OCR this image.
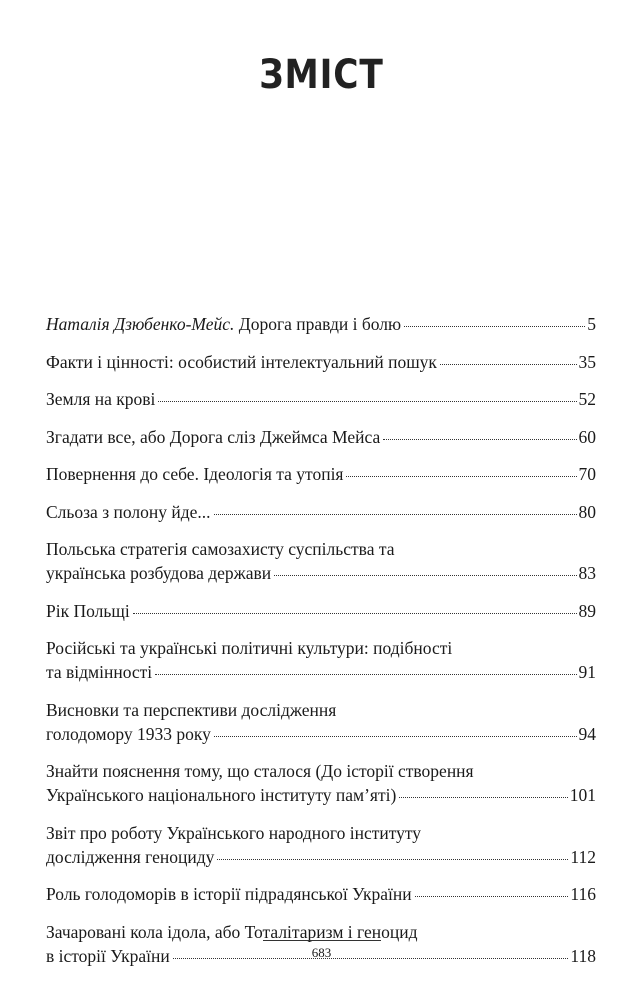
ЗМІСТ
Наталія Дзюбенко-Мейс. Дорога правди і болю	5
Факти і цінності: особистий інтелектуальний пошук	35
Земля на крові	52
Згадати все, або Дорога сліз Джеймса Мейса	60
Повернення до себе. Ідеологія та утопія	70
Сльоза з полону йде...	80
Польська стратегія самозахисту суспільства та
українська розбудова держави	83
Рік Польщі	89
Російські та українські політичні культури: подібності
та відмінності	91
Висновки та перспективи дослідження
голодомору 1933 року	94
Знайти пояснення тому, що сталося (До історії створення
Українського національного інституту пам’яті)	101
Звіт про роботу Українського народного інституту
дослідження геноциду	112
Роль голодоморів в історії підрадянської України	116
Зачаровані кола ідола, або Тоталітаризм і геноцид
в історії України	118
683
